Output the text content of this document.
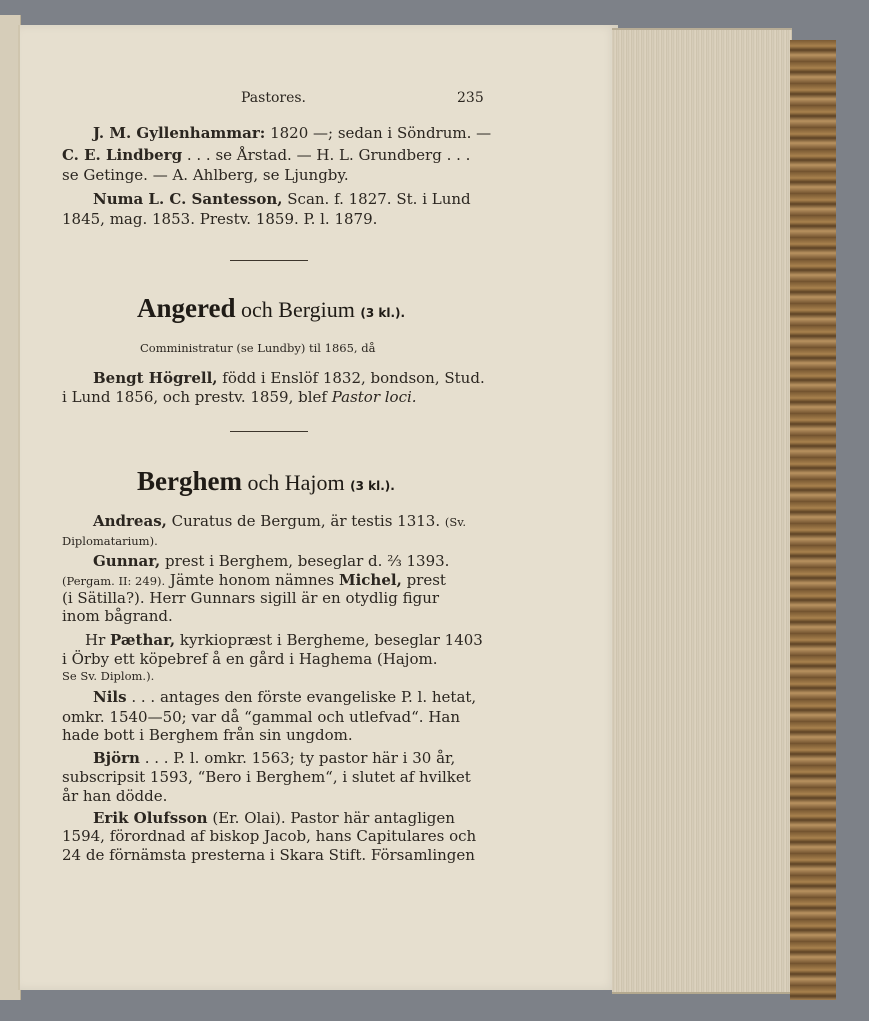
Pastores.	235
J. M. Gyllenhammar: 1820 —; sedan i Söndrum. —
C. E. Lindberg . . . se Årstad. — H. L. Grundberg . . .
se Getinge. — A. Ahlberg, se Ljungby.
Numa L. C. Santesson, Scan. f. 1827. St. i Lund
1845, mag. 1853. Prestv. 1859. P. l. 1879.
Angered och Bergium (3 kl.).
Comministratur (se Lundby) til 1865, då
Bengt Högrell, född i Enslöf 1832, bondson, Stud.
i Lund 1856, och prestv. 1859, blef Pastor loci.
Berghem och Hajom (3 kl.).
Andreas, Curatus de Bergum, är testis 1313. (Sv.
Diplomatarium).
Gunnar, prest i Berghem, beseglar d. ⅔ 1393.
(Pergam. II: 249). Jämte honom nämnes Michel, prest
(i Sätilla?). Herr Gunnars sigill är en otydlig figur
inom bågrand.
Hr Pæthar, kyrkiopræst i Bergheme, beseglar 1403
i Örby ett köpebref å en gård i Haghema (Hajom.
Se Sv. Diplom.).
Nils . . . antages den förste evangeliske P. l. hetat,
omkr. 1540—50; var då “gammal och utlefvad“. Han
hade bott i Berghem från sin ungdom.
Björn . . . P. l. omkr. 1563; ty pastor här i 30 år,
subscripsit 1593, “Bero i Berghem“, i slutet af hvilket
år han dödde.
Erik Olufsson (Er. Olai). Pastor här antagligen
1594, förordnad af biskop Jacob, hans Capitulares och
24 de förnämsta presterna i Skara Stift. Församlingen
